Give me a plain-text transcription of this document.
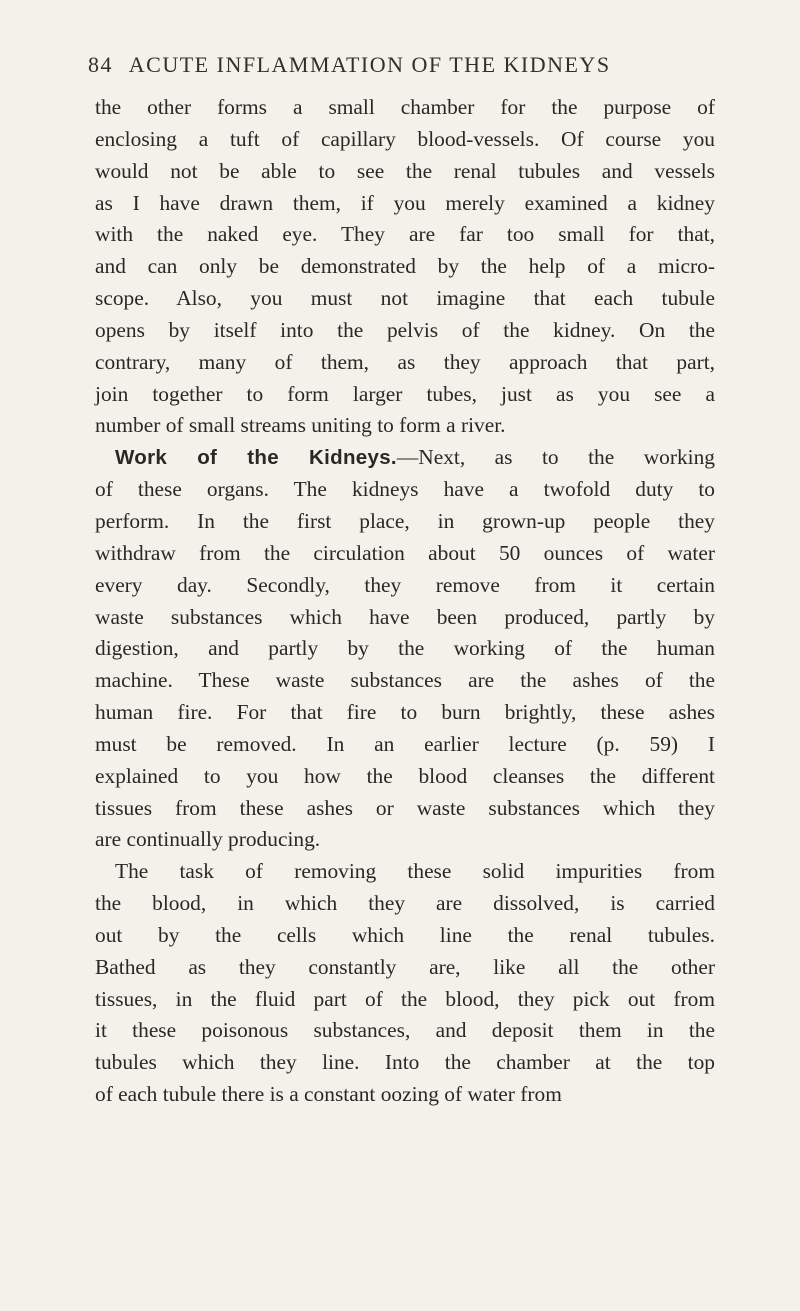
84 ACUTE INFLAMMATION OF THE KIDNEYS
the other forms a small chamber for the purpose of
enclosing a tuft of capillary blood-vessels. Of course you
would not be able to see the renal tubules and vessels
as I have drawn them, if you merely examined a kidney
with the naked eye. They are far too small for that,
and can only be demonstrated by the help of a micro-
scope. Also, you must not imagine that each tubule
opens by itself into the pelvis of the kidney. On the
contrary, many of them, as they approach that part,
join together to form larger tubes, just as you see a
number of small streams uniting to form a river.
Work of the Kidneys.—Next, as to the working
of these organs. The kidneys have a twofold duty to
perform. In the first place, in grown-up people they
withdraw from the circulation about 50 ounces of water
every day. Secondly, they remove from it certain
waste substances which have been produced, partly by
digestion, and partly by the working of the human
machine. These waste substances are the ashes of the
human fire. For that fire to burn brightly, these ashes
must be removed. In an earlier lecture (p. 59) I
explained to you how the blood cleanses the different
tissues from these ashes or waste substances which they
are continually producing.
The task of removing these solid impurities from
the blood, in which they are dissolved, is carried
out by the cells which line the renal tubules.
Bathed as they constantly are, like all the other
tissues, in the fluid part of the blood, they pick out from
it these poisonous substances, and deposit them in the
tubules which they line. Into the chamber at the top
of each tubule there is a constant oozing of water from
